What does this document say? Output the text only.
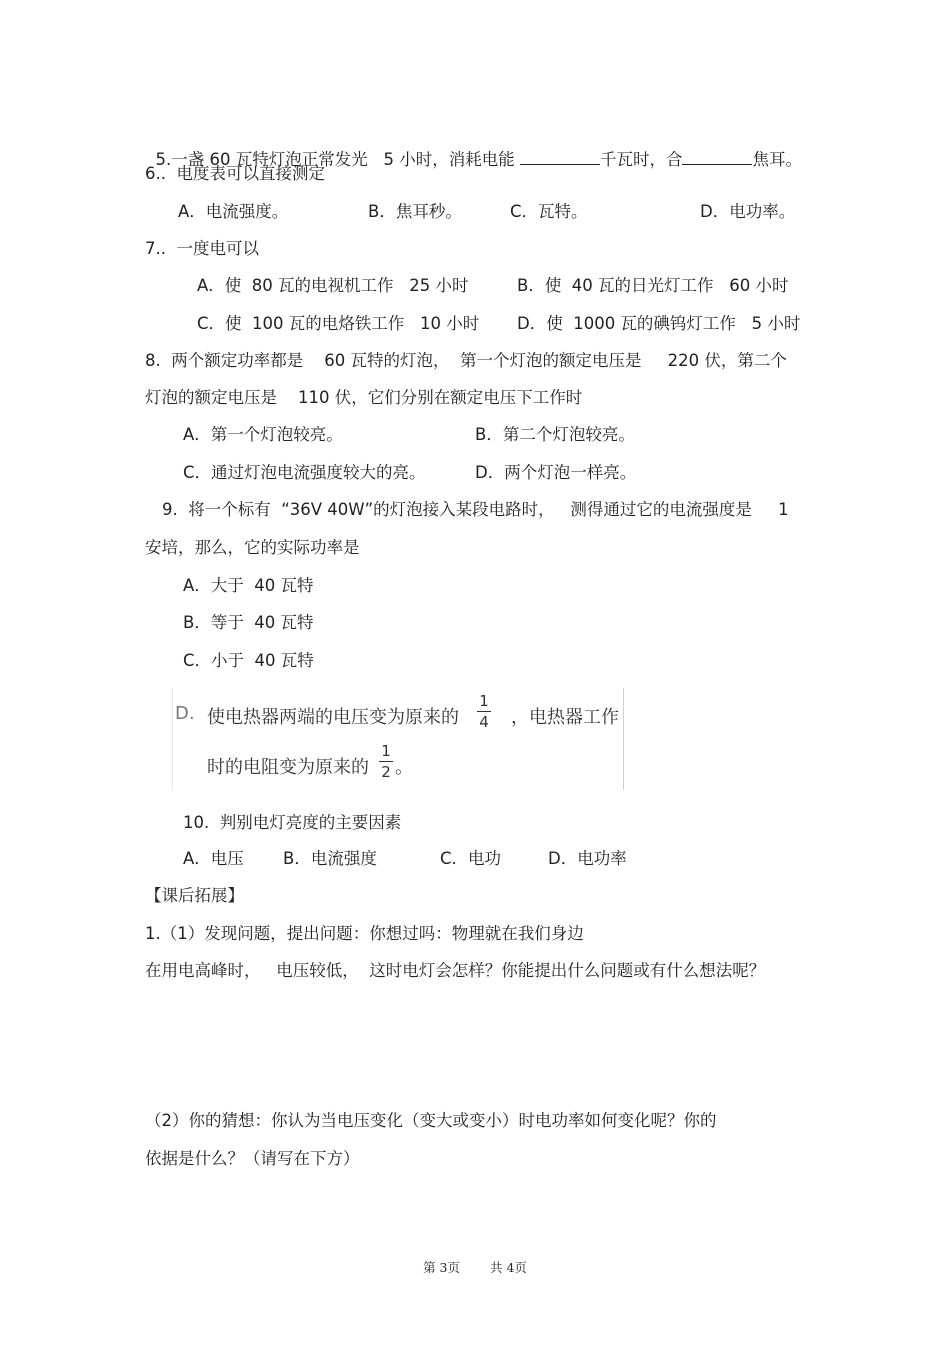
5.一盏 60 瓦特灯泡正常发光   5 小时，消耗电能	千瓦时，合	焦耳。

6..  电度表可以直接测定
A．电流强度。	B．焦耳秒。	C．瓦特。	D．电功率。
7..  一度电可以
A．使  80 瓦的电视机工作   25 小时	B．使  40 瓦的日光灯工作   60 小时
C．使  100 瓦的电烙铁工作   10 小时 D．使  1000 瓦的碘钨灯工作   5 小时
8.  两个额定功率都是    60 瓦特的灯泡，  第一个灯泡的额定电压是     220 伏，第二个
灯泡的额定电压是    110 伏，它们分别在额定电压下工作时
A．第一个灯泡较亮。	B．第二个灯泡较亮。
C．通过灯泡电流强度较大的亮。	D．两个灯泡一样亮。
9.  将一个标有  “36V 40W”的灯泡接入某段电路时，   测得通过它的电流强度是     1
安培，那么，它的实际功率是
A．大于  40 瓦特
B．等于  40 瓦特
C．小于  40 瓦特
D. 使电热器两端的电压变为原来的
1
4 ，电热器工作
时的电阻变为原来的
1
2 。
10.  判别电灯亮度的主要因素
A．电压 B．电流强度	C．电功	D．电功率
【课后拓展】
1.（1）发现问题，提出问题：你想过吗：物理就在我们身边
在用电高峰时，   电压较低，  这时电灯会怎样？你能提出什么问题或有什么想法呢？
（2）你的猜想：你认为当电压变化（变大或变小）时电功率如何变化呢？你的
依据是什么？（请写在下方）
第 3页 共 4页
